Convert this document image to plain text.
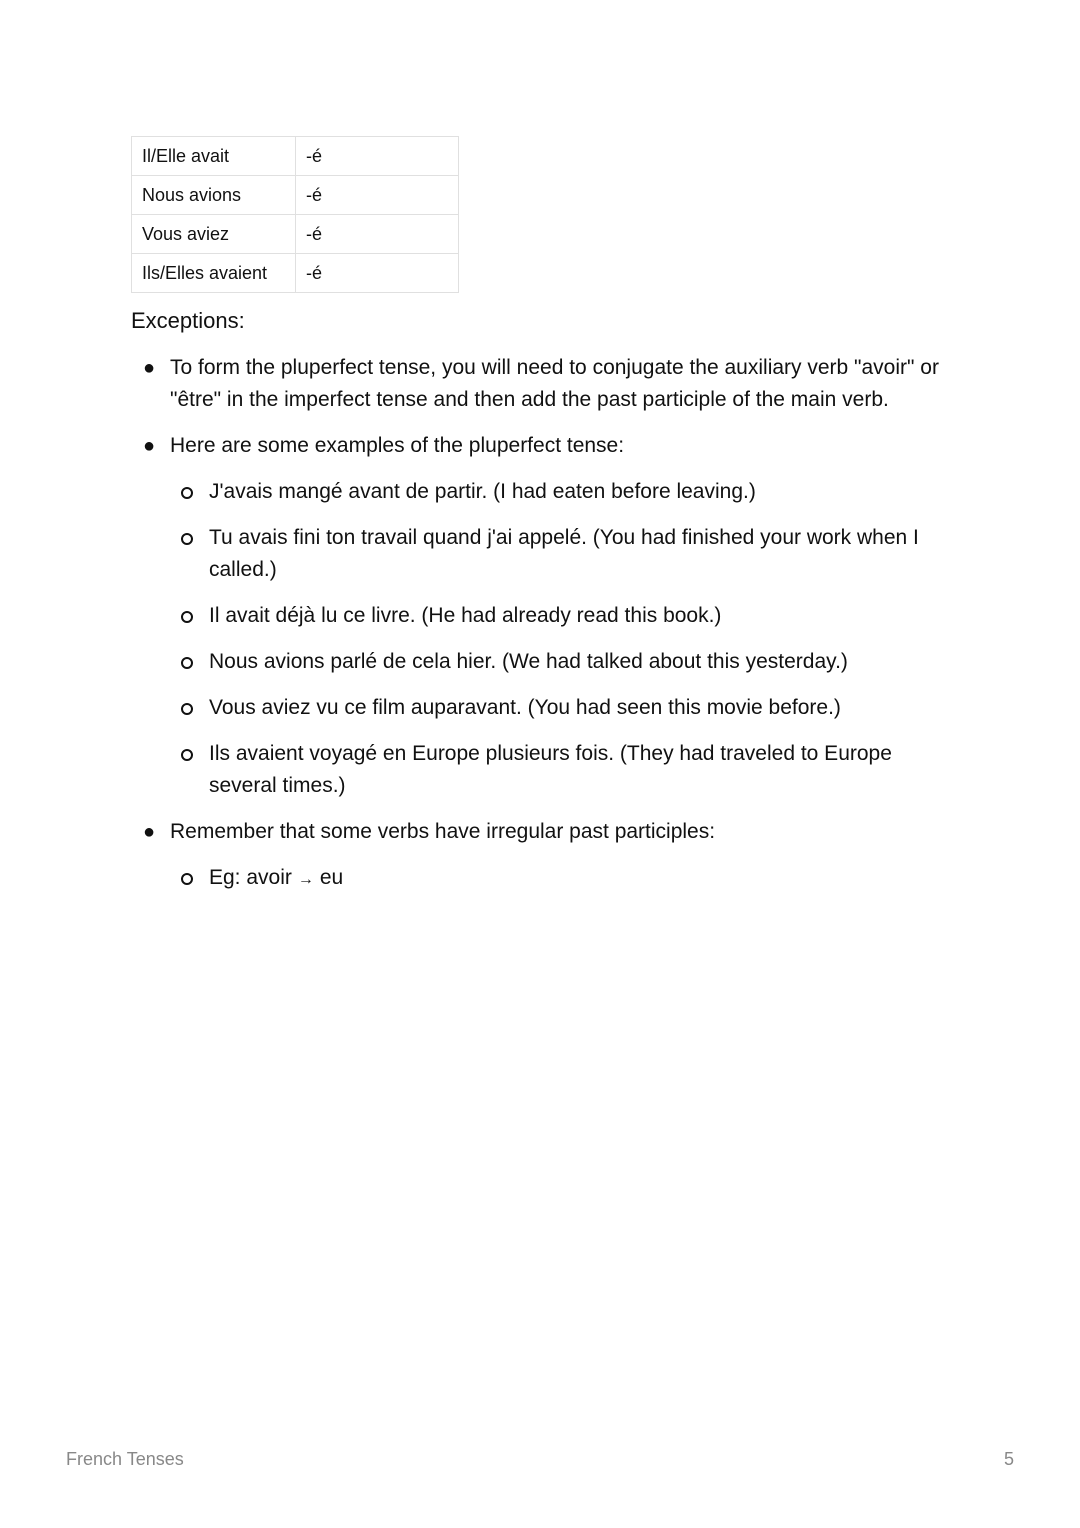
Il/Elle avait	-é
Nous avions	-é
Vous aviez	-é
Ils/Elles avaient	-é
Exceptions:
● To form the pluperfect tense, you will need to conjugate the auxiliary verb "avoir" or "être" in the imperfect tense and then add the past participle of the main verb.
● Here are some examples of the pluperfect tense:
J'avais mangé avant de partir. (I had eaten before leaving.)
Tu avais fini ton travail quand j'ai appelé. (You had finished your work when I called.)
Il avait déjà lu ce livre. (He had already read this book.)
Nous avions parlé de cela hier. (We had talked about this yesterday.)
Vous aviez vu ce film auparavant. (You had seen this movie before.)
Ils avaient voyagé en Europe plusieurs fois. (They had traveled to Europe several times.)
● Remember that some verbs have irregular past participles:
Eg: avoir → eu
French Tenses	5
